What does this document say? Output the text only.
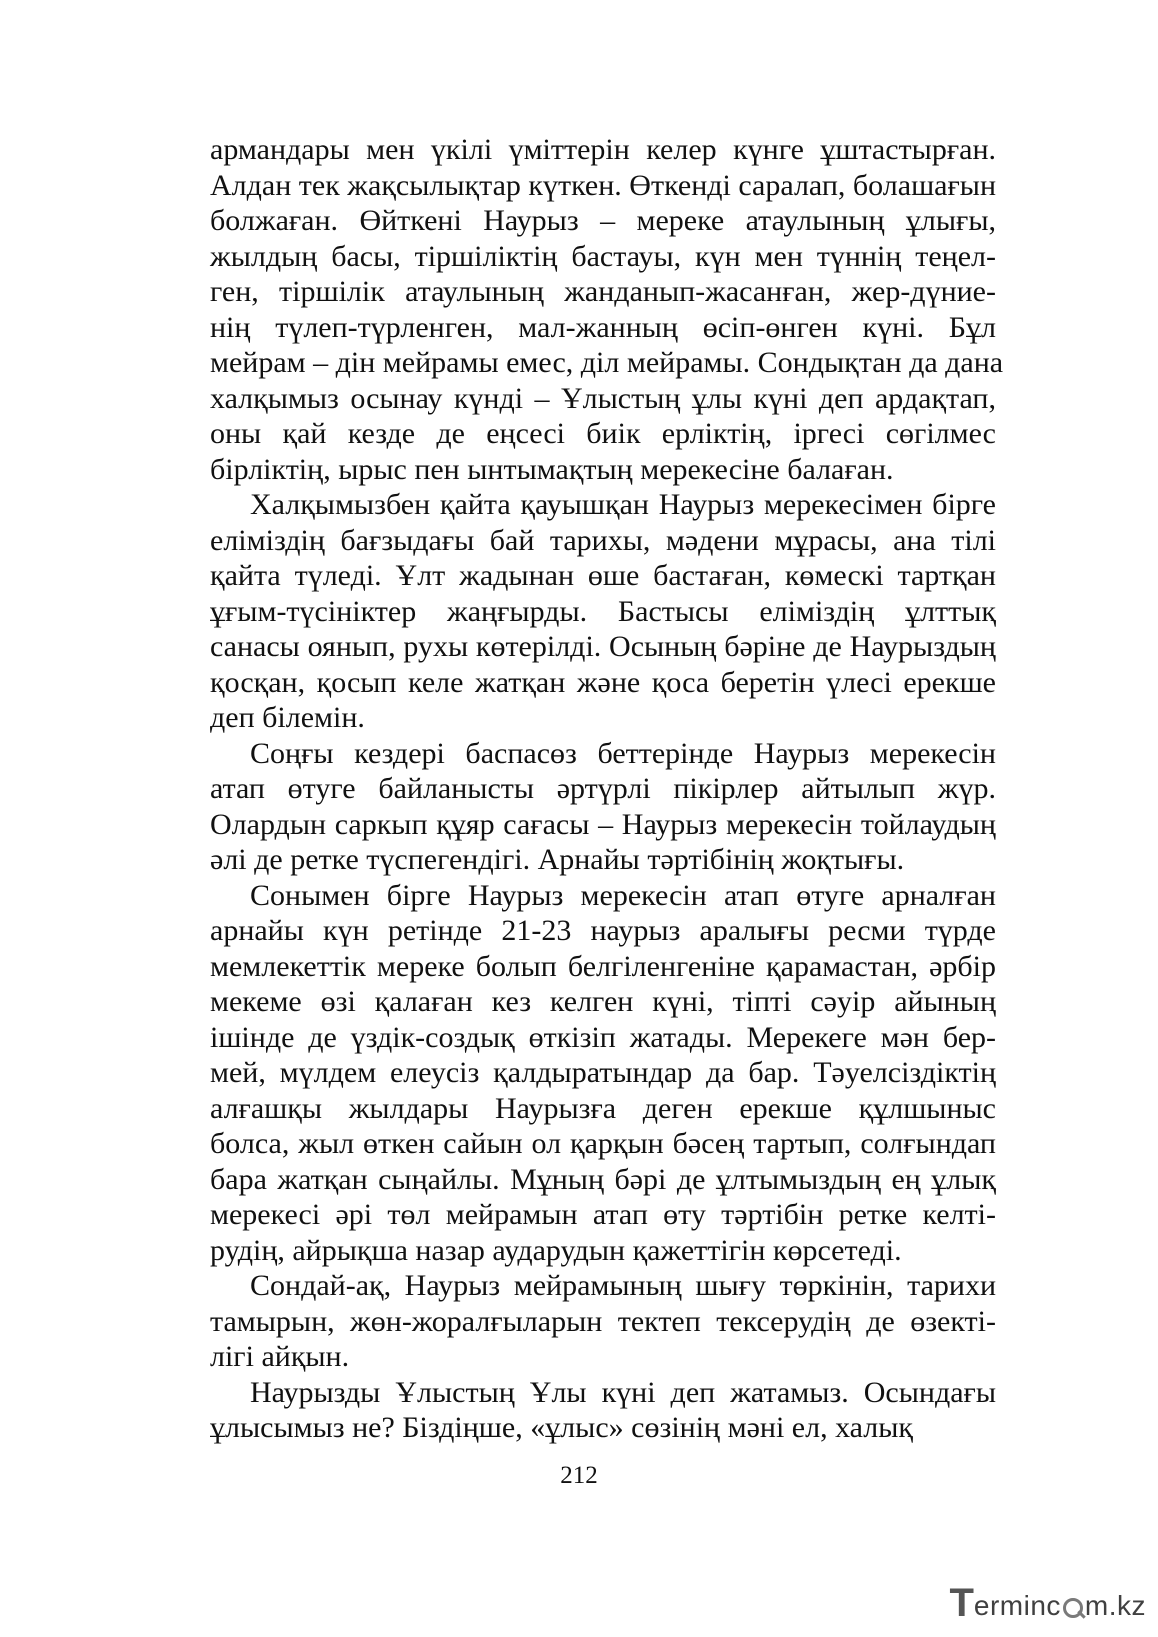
армандары мен үкілі үміттерін келер күнге ұштастырған.
Алдан тек жақсылықтар күткен. Өткенді саралап, болашағын
болжаған. Өйткені Наурыз – мереке атаулының ұлығы,
жылдың басы, тіршіліктің бастауы, күн мен түннің теңел-
ген, тіршілік атаулының жанданып-жасанған, жер-дүние-
нің түлеп-түрленген, мал-жанның өсіп-өнген күні. Бұл
мейрам – дін мейрамы емес, діл мейрамы. Сондықтан да дана
халқымыз осынау күнді – Ұлыстың ұлы күні деп ардақтап,
оны қай кезде де еңсесі биік ерліктің, іргесі сөгілмес
бірліктің, ырыс пен ынтымақтың мерекесіне балаған.
Халқымызбен қайта қауышқан Наурыз мерекесімен бірге
еліміздің бағзыдағы бай тарихы, мәдени мұрасы, ана тілі
қайта түледі. Ұлт жадынан өше бастаған, көмескі тартқан
ұғым-түсініктер жаңғырды. Бастысы еліміздің ұлттық
санасы оянып, рухы көтерілді. Осының бәріне де Наурыздың
қосқан, қосып келе жатқан және қоса беретін үлесі ерекше
деп білемін.
Соңғы кездері баспасөз беттерінде Наурыз мерекесін
атап өтуге байланысты әртүрлі пікірлер айтылып жүр.
Олардын саркып құяр сағасы – Наурыз мерекесін тойлаудың
әлі де ретке түспегендігі. Арнайы тәртібінің жоқтығы.
Сонымен бірге Наурыз мерекесін атап өтуге арналған
арнайы күн ретінде 21-23 наурыз аралығы ресми түрде
мемлекеттік мереке болып белгіленгеніне қарамастан, әрбір
мекеме өзі қалаған кез келген күні, тіпті сәуір айының
ішінде де үздік-создық өткізіп жатады. Мерекеге мән бер-
мей, мүлдем елеусіз қалдыратындар да бар. Тәуелсіздіктің
алғашқы жылдары Наурызға деген ерекше құлшыныс
болса, жыл өткен сайын ол қарқын бәсең тартып, солғындап
бара жатқан сыңайлы. Мұның бәрі де ұлтымыздың ең ұлық
мерекесі әрі төл мейрамын атап өту тәртібін ретке келті-
рудің, айрықша назар аударудын қажеттігін көрсетеді.
Сондай-ақ, Наурыз мейрамының шығу төркінін, тарихи
тамырын, жөн-жоралғыларын тектеп тексерудің де өзекті-
лігі айқын.
Наурызды Ұлыстың Ұлы күні деп жатамыз. Осындағы
ұлысымыз не? Біздіңше, «ұлыс» сөзінің мәні ел, халық
212
T erminc m.kz
